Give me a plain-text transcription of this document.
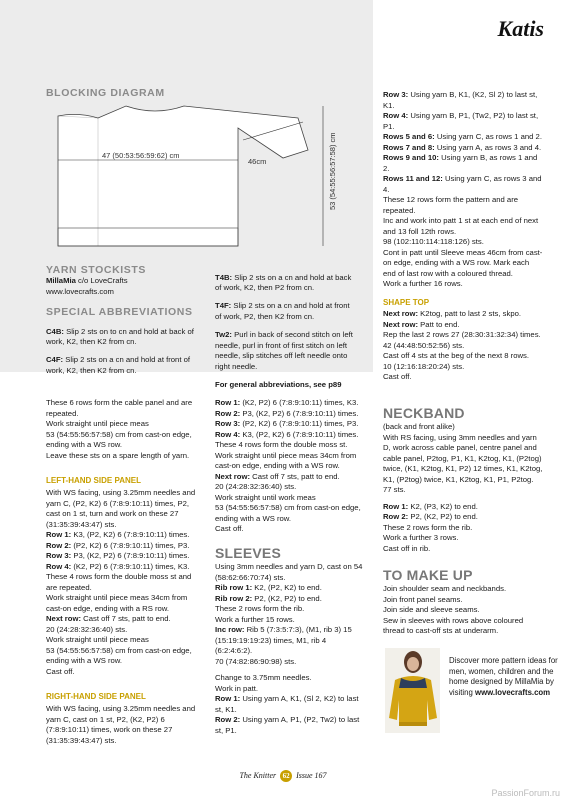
Katis
BLOCKING DIAGRAM
47 (50:53:56:59:62) cm
46cm	53 (54:55:56:57:58) cm
YARN STOCKISTS
MillaMia c/o LoveCrafts
www.lovecrafts.com
SPECIAL ABBREVIATIONS

C4B: Slip 2 sts on to cn and hold at back of work, K2, then K2 from cn.

C4F: Slip 2 sts on a cn and hold at front of work, K2, then K2 from cn.

T4B: Slip 2 sts on a cn and hold at back of work, K2, then P2 from cn.

T4F: Slip 2 sts on a cn and hold at front of work, P2, then K2 from cn.

Tw2: Purl in back of second stitch on left needle, purl in front of first stitch on left needle, slip stitches off left needle onto right needle.

For general abbreviations, see p89

These 6 rows form the cable panel and are repeated.

Work straight until piece meas

53 (54:55:56:57:58) cm from cast-on edge, ending with a WS row.

Leave these sts on a spare length of yarn.

LEFT-HAND SIDE PANEL

With WS facing, using 3.25mm needles and yarn C, (P2, K2) 6 (7:8:9:10:11) times, P2, cast on 1 st, turn and work on these 27 (31:35:39:43:47) sts.

Row 1: K3, (P2, K2) 6 (7:8:9:10:11) times.

Row 2: (P2, K2) 6 (7:8:9:10:11) times, P3.

Row 3: P3, (K2, P2) 6 (7:8:9:10:11) times.

Row 4: (K2, P2) 6 (7:8:9:10:11) times, K3.

These 4 rows form the double moss st and are repeated.

Work straight until piece meas 34cm from cast-on edge, ending with a RS row.

Next row: Cast off 7 sts, patt to end.

20 (24:28:32:36:40) sts.

Work straight until piece meas

53 (54:55:56:57:58) cm from cast-on edge, ending with a WS row.

Cast off.

RIGHT-HAND SIDE PANEL

With WS facing, using 3.25mm needles and yarn C, cast on 1 st, P2, (K2, P2) 6 (7:8:9:10:11) times, work on these 27 (31:35:39:43:47) sts.

Row 1: (K2, P2) 6 (7:8:9:10:11) times, K3.

Row 2: P3, (K2, P2) 6 (7:8:9:10:11) times.

Row 3: (P2, K2) 6 (7:8:9:10:11) times, P3.

Row 4: K3, (P2, K2) 6 (7:8:9:10:11) times.

These 4 rows form the double moss st.

Work straight until piece meas 34cm from cast-on edge, ending with a WS row.

Next row: Cast off 7 sts, patt to end.

20 (24:28:32:36:40) sts.

Work straight until work meas

53 (54:55:56:57:58) cm from cast-on edge, ending with a WS row.

Cast off.

SLEEVES

Using 3mm needles and yarn D, cast on 54 (58:62:66:70:74) sts.

Rib row 1: K2, (P2, K2) to end.

Rib row 2: P2, (K2, P2) to end.

These 2 rows form the rib.

Work a further 15 rows.

Inc row: Rib 5 (7:3:5:7:3), (M1, rib 3) 15 (15:19:19:19:23) times, M1, rib 4 (6:2:4:6:2).

70 (74:82:86:90:98) sts.

Change to 3.75mm needles.

Work in patt.

Row 1: Using yarn A, K1, (Sl 2, K2) to last st, K1.

Row 2: Using yarn A, P1, (P2, Tw2) to last st, P1.

Row 3: Using yarn B, K1, (K2, Sl 2) to last st, K1.

Row 4: Using yarn B, P1, (Tw2, P2) to last st, P1.

Rows 5 and 6: Using yarn C, as rows 1 and 2.

Rows 7 and 8: Using yarn A, as rows 3 and 4.

Rows 9 and 10: Using yarn B, as rows 1 and 2.

Rows 11 and 12: Using yarn C, as rows 3 and 4.

These 12 rows form the pattern and are repeated.

Inc and work into patt 1 st at each end of next and 13 foll 12th rows.

98 (102:110:114:118:126) sts.

Cont in patt until Sleeve meas 46cm from cast-on edge, ending with a WS row. Mark each end of last row with a coloured thread.

Work a further 16 rows.

SHAPE TOP

Next row: K2tog, patt to last 2 sts, skpo.

Next row: Patt to end.

Rep the last 2 rows 27 (28:30:31:32:34) times.

42 (44:48:50:52:56) sts.

Cast off 4 sts at the beg of the next 8 rows.

10 (12:16:18:20:24) sts.

Cast off.

NECKBAND

(back and front alike)

With RS facing, using 3mm needles and yarn D, work across cable panel, centre panel and cable panel, P2tog, P1, K1, K2tog, K1, (P2tog) twice, (K1, K2tog, K1, P2) 12 times, K1, K2tog, K1, (P2tog) twice, K1, K2tog, K1, P1, P2tog. 77 sts.

Row 1: K2, (P3, K2) to end.

Row 2: P2, (K2, P2) to end.

These 2 rows form the rib.

Work a further 3 rows.

Cast off in rib.

TO MAKE UP

Join shoulder seam and neckbands.

Join front panel seams.

Join side and sleeve seams.

Sew in sleeves with rows above coloured thread to cast-off sts at underarm.

Discover more pattern ideas for men, women, children and the home designed by MillaMia by visiting www.lovecrafts.com
The Knitter 62 Issue 167
PassionForum.ru
